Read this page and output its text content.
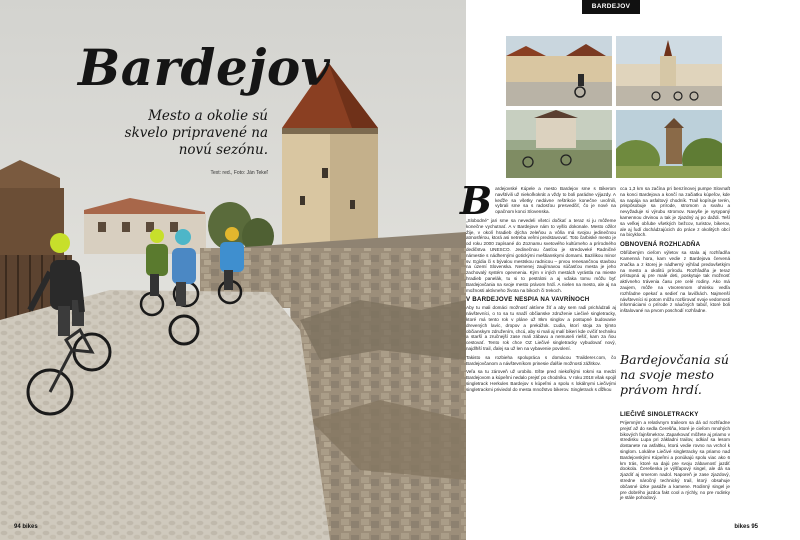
Bardejov
Mesto a okolie sú skvelo pripravené na novú sezónu.
Text: red., Foto: Ján Tekeľ
94 bikes
BARDEJOV

Bardejovské Kúpele a mesto Bardejov sme s Bikerom navštívili už niekoľkokrát a vždy to boli parádne výjazdy. A keďže sa všetky nedávne reštrikcie konečne uvoľnili, vybrali sme sa s radosťou presvedčiť, čo je nové na opačnom konci Slovenska.

„Slobodné“ jari sme sa nevedeli všetci dočkať a teraz si ju môžeme konečne vychutnať. A v Bardejove nám to vyšlo dokonale. Mesto ožilo! Žije, v okolí hradieb dýcha zeleňou a vôňa má svojou jedinečnou atmosférou, ktorá asi netreba veľmi predstavovať. Toto čarbiské mesto je od roku 2000 zapísané do Zoznamu svetového kultúrneho a prírodného dedičstva UNESCO. Jedinečnou časťou je stredoveké Radničné námestie s nádhernými gotickými meštianskymi domami. Bazilikou minor sv. Egídia či s bývalou mestskou radnicou – prvou renesančnou stavbou na území Slovenska. Nemenej zaujímavou súčasťou mesta je jeho zachovalý systém opevnenia. Kým v iných mestách vyrástla na mieste hradieb panelák, tu si to pestrátni a aj vďaka tomu môžu byť Bardejovčania na svoje mesto právom hrdí. A nielen na mesto, ale aj na možnosti aktívneho života na bikoch či trekoch.

V BARDEJOVE NESPIA NA VAVRÍNOCH

Aby tu mali domáci možnosť aktívne žiť a aby sem radi prichádzali aj návštevníci, o to sa tu snaží občianske združenie Liečivé singletracky, ktoré má tento rok v pláne už 8km singlov a postupné budovanie drevených lavíc, dropov a prekážok. Ľudia, ktorí stoja za týmto občianskym združením, chcú, aby si mali aj malí bikeri kde cvičiť techniku a starší a zručnejší zase mali zábavu a nemuseli riešiť, kam za ňou cestovať. Tento rok chce OZ Liečivé singletracky vybudovať nový, najdlhší trail, ďalej sa už len na vybavenie povolení.

Takisto sa rozbieha spolupráca s domácou Trailderer.com, čo Bardejovčanom a návštevníkom prinesie ďalšie možnosti zážitkov.

Veľa sa tu zároveň už urobilo. Ešte pred niekoľkými rokmi sa medzi Bardejovom a kúpeľmi nedalo prejsť po chodníku. V roku 2018 však spojil singletrack Herkules Bardejov s kúpeľmi a spolu s lokálnymi Liečivými singletrackmi priviedol do mesta množstvo bikerov. Singletrack s dĺžkou

cca 1,3 km sa začína pri benzínovej pumpe Slovnaft na konci Bardejova a končí na začiatku kúpeľov, kde sa napája na asfaltový chodník. Trail kopíruje terén, prispôsobuje sa prírode, stromom a svahu a nevyžaduje si výrubu stromov. Navyše je vysypaný kamennou drvinou a tak je zjazdný aj po daždi. Teší sa veľkej obľube všetkých bežcov, turistov, bikerov, ale aj ľudí dochádzajúcich do práce z okolitých obcí na bicykloch.

OBNOVENÁ ROZHĽADŇA

Obľúbeným cieľom výletov sa stala aj rozhľadňa Kamenná hora, kam vedie z Bardejova červená značka a z ktorej je nádherný výhľad predovšetkým na mesto a okolitú prírodu. Rozhľadňa je teraz prístupná aj pre malé deti, poskytuje tak možnosť aktívneho trávenia času pre celé rodiny. Ako má zaujem, môže na vtvorennom ohnisku vedľa rozhľadne opekať a sedieť na lavičkách. Najmenší návštevníci si potom môžu rozširovať svoje vedomosti informáciami o prírode z náučných tabúľ, ktoré boli inštalované na prvom poschodí rozhľadne.

Bardejovčania sú na svoje mesto právom hrdí.
LIEČIVÉ SINGLETRACKY

Prijemným a relatívnym traileom sa dá od rozhľadne prejsť až do sedla Čerešňa, ktoré je cieľom mnohých bikových fajnšmekrov. Zaparkovať môžete aj priamo v stredisku Lupa pri základni trailov, odkiaľ sa lesom dostanete na asfaltku, ktorá vedie rovno na vrchol k singlom. Lokálne Liečivé singletracky sa priamo nad Bardejovskými Kúpeľmi a ponúkajú spolu viac ako 6 km trás, ktoré sa dajú pre svoju zábavnosť jazdiť dookola. Čerešenka je výšľapový singel, ale dá sa zjazdiť aj smerom nadol. Naporeň je zase zjazdový, stredne náročný technický trail, ktorý obsahuje občasné úzke pasáže a kamene. Rodinný singel je pre dobrého jazdca fakt cool a rýchly, no pre rodinky je stále pohodový.

bikes 95
